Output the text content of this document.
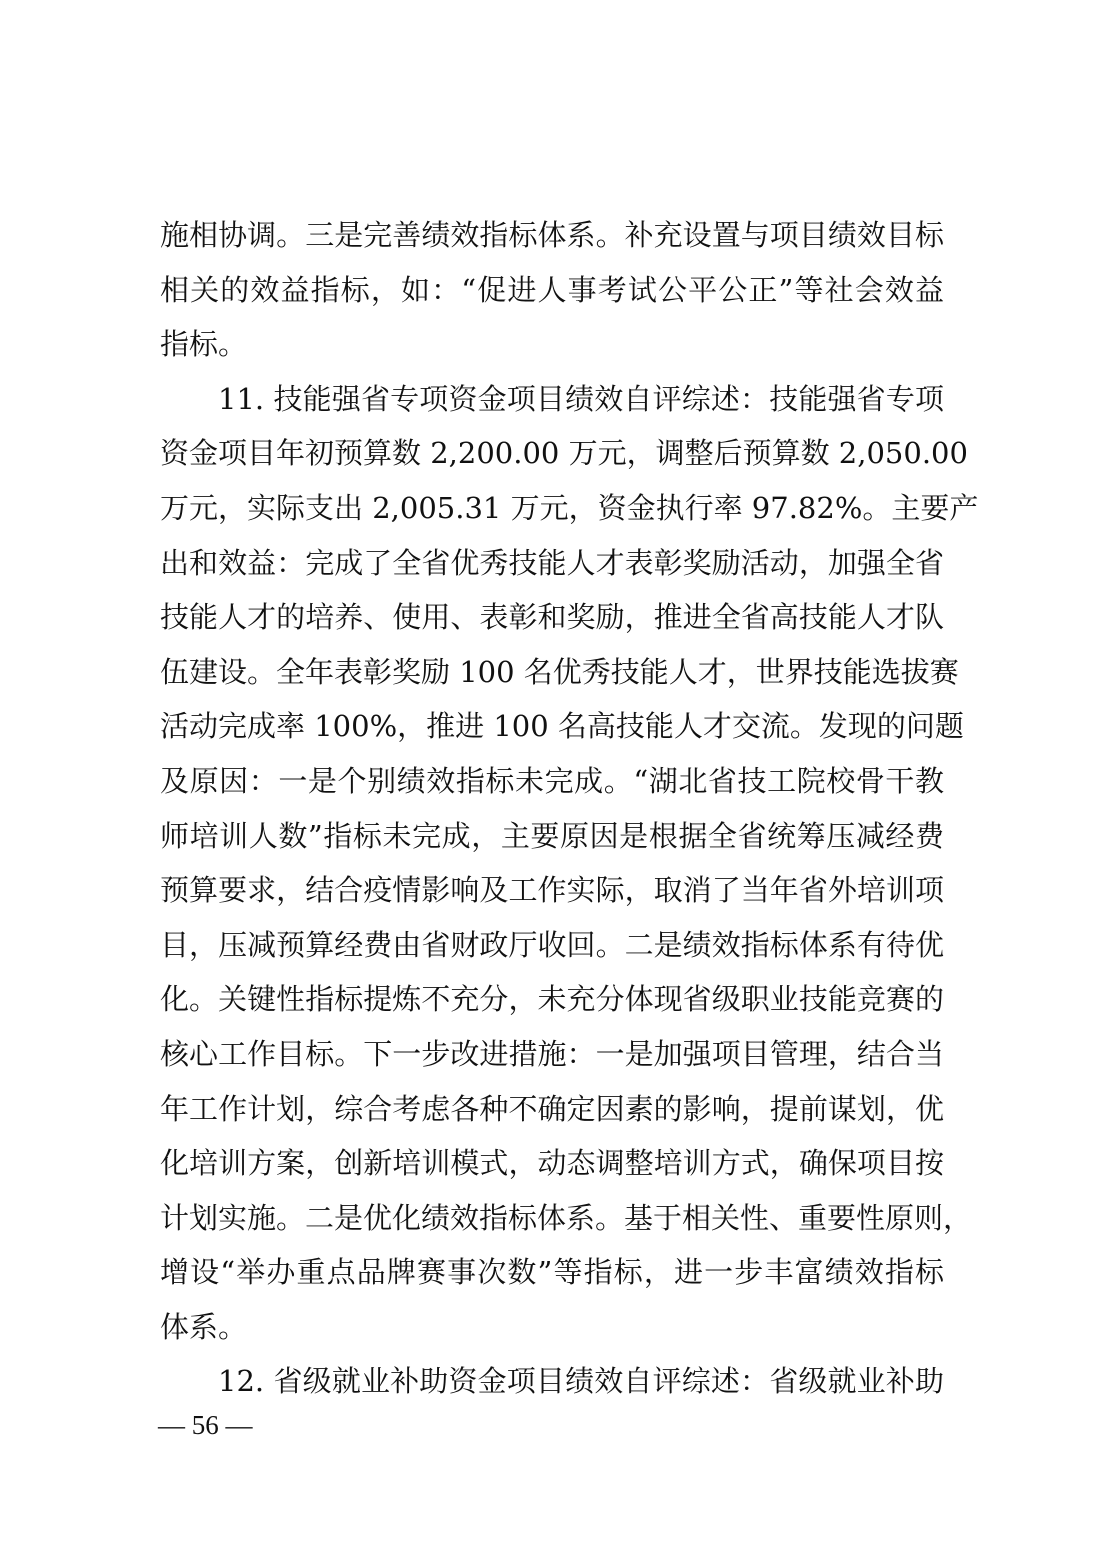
施相协调。三是完善绩效指标体系。补充设置与项目绩效目标
相关的效益指标，如：“促进人事考试公平公正”等社会效益
指标。
11. 技能强省专项资金项目绩效自评综述：技能强省专项
资金项目年初预算数 2,200.00 万元，调整后预算数 2,050.00
万元，实际支出 2,005.31 万元，资金执行率 97.82%。主要产
出和效益：完成了全省优秀技能人才表彰奖励活动，加强全省
技能人才的培养、使用、表彰和奖励，推进全省高技能人才队
伍建设。全年表彰奖励 100 名优秀技能人才，世界技能选拔赛
活动完成率 100%，推进 100 名高技能人才交流。发现的问题
及原因：一是个别绩效指标未完成。“湖北省技工院校骨干教
师培训人数”指标未完成，主要原因是根据全省统筹压减经费
预算要求，结合疫情影响及工作实际，取消了当年省外培训项
目，压减预算经费由省财政厅收回。二是绩效指标体系有待优
化。关键性指标提炼不充分，未充分体现省级职业技能竞赛的
核心工作目标。下一步改进措施：一是加强项目管理，结合当
年工作计划，综合考虑各种不确定因素的影响，提前谋划，优
化培训方案，创新培训模式，动态调整培训方式，确保项目按
计划实施。二是优化绩效指标体系。基于相关性、重要性原则，
增设“举办重点品牌赛事次数”等指标，进一步丰富绩效指标
体系。
12. 省级就业补助资金项目绩效自评综述：省级就业补助
— 56 —
